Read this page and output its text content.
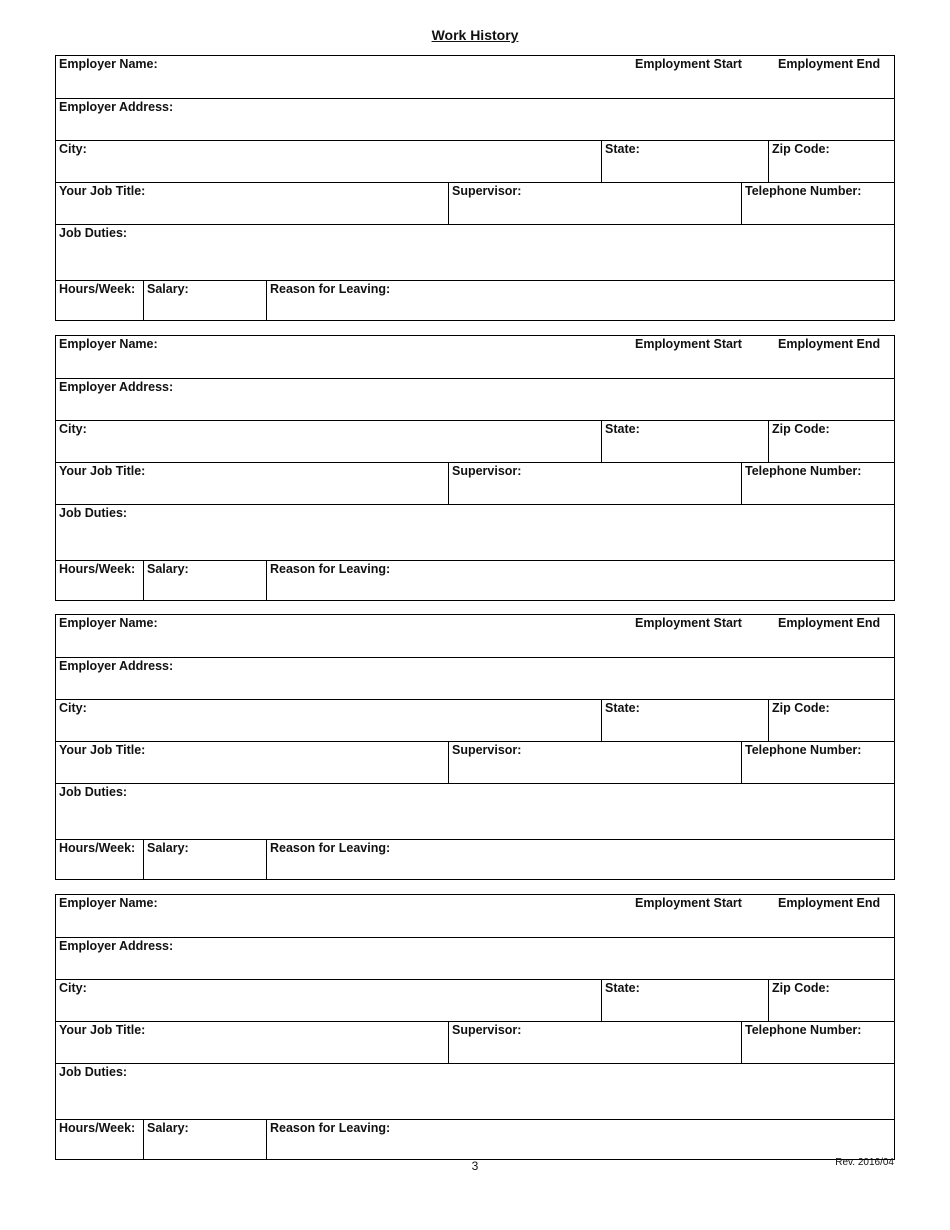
Work History
Employer Name:	Employment Start	Employment End
Employer Address:
City:	State:	Zip Code:
Your Job Title:	Supervisor:	Telephone Number:
Job Duties:
Hours/Week: Salary:	Reason for Leaving:
Employer Name:	Employment Start	Employment End
Employer Address:
City:	State:	Zip Code:
Your Job Title:	Supervisor:	Telephone Number:
Job Duties:
Hours/Week: Salary:	Reason for Leaving:
Employer Name:	Employment Start	Employment End
Employer Address:
City:	State:	Zip Code:
Your Job Title:	Supervisor:	Telephone Number:
Job Duties:
Hours/Week: Salary:	Reason for Leaving:
Employer Name:	Employment Start	Employment End
Employer Address:
City:	State:	Zip Code:
Your Job Title:	Supervisor:	Telephone Number:
Job Duties:
Hours/Week: Salary:	Reason for Leaving:
3	Rev. 2016/04
